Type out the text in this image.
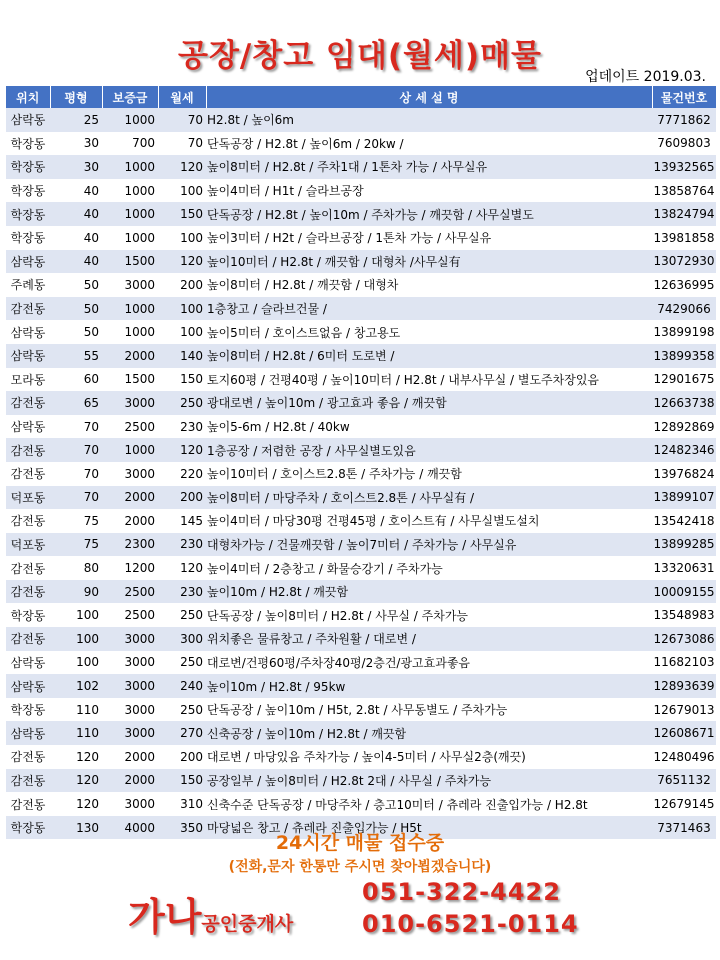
공장/창고 임대(월세)매물
업데이트 2019.03.
위치	평형	보증금	월세	상 세 설 명	물건번호
삼락동	25	1000	70	H2.8t / 높이6m	7771862
학장동	30	700	70	단독공장 / H2.8t / 높이6m / 20kw /	7609803
학장동	30	1000	120	높이8미터 / H2.8t / 주차1대 / 1톤차 가능 / 사무실유	13932565
학장동	40	1000	100	높이4미터 / H1t / 슬라브공장	13858764
학장동	40	1000	150	단독공장 / H2.8t / 높이10m / 주차가능 / 깨끗함 / 사무실별도	13824794
학장동	40	1000	100	높이3미터 / H2t / 슬라브공장 / 1톤차 가능 / 사무실유	13981858
삼락동	40	1500	120	높이10미터 / H2.8t / 깨끗함 / 대형차 /사무실有	13072930
주례동	50	3000	200	높이8미터 / H2.8t / 깨끗함 / 대형차	12636995
감전동	50	1000	100	1층창고 / 슬라브건물 /	7429066
삼락동	50	1000	100	높이5미터 / 호이스트없음 / 창고용도	13899198
삼락동	55	2000	140	높이8미터 / H2.8t / 6미터 도로변 /	13899358
모라동	60	1500	150	토지60평 / 건평40평 / 높이10미터 / H2.8t / 내부사무실 / 별도주차장있음	12901675
감전동	65	3000	250	광대로변 / 높이10m / 광고효과 좋음 / 깨끗함	12663738
삼락동	70	2500	230	높이5-6m / H2.8t / 40kw	12892869
감전동	70	1000	120	1층공장 / 저렴한 공장 / 사무실별도있음	12482346
감전동	70	3000	220	높이10미터 / 호이스트2.8톤 / 주차가능 / 깨끗함	13976824
덕포동	70	2000	200	높이8미터 / 마당주차 / 호이스트2.8톤 / 사무실有 /	13899107
감전동	75	2000	145	높이4미터 / 마당30평 건평45평 / 호이스트有 / 사무실별도설치	13542418
덕포동	75	2300	230	대형차가능 / 건물깨끗함 / 높이7미터 / 주차가능 / 사무실유	13899285
감전동	80	1200	120	높이4미터 / 2층창고 / 화물승강기 / 주차가능	13320631
감전동	90	2500	230	높이10m / H2.8t / 깨끗함	10009155
학장동	100	2500	250	단독공장 / 높이8미터 / H2.8t / 사무실 / 주차가능	13548983
감전동	100	3000	300	위치좋은 물류창고 / 주차원활 / 대로변 /	12673086
삼락동	100	3000	250	대로변/건평60평/주차장40평/2층건/광고효과좋음	11682103
삼락동	102	3000	240	높이10m / H2.8t / 95kw	12893639
학장동	110	3000	250	단독공장 / 높이10m / H5t, 2.8t / 사무동별도 / 주차가능	12679013
삼락동	110	3000	270	신축공장 / 높이10m / H2.8t / 깨끗함	12608671
감전동	120	2000	200	대로변 / 마당있음 주차가능 / 높이4-5미터 / 사무실2층(깨끗)	12480496
감전동	120	2000	150	공장일부 / 높이8미터 / H2.8t 2대 / 사무실 / 주차가능	7651132
감전동	120	3000	310	신축수준 단독공장 / 마당주차 / 층고10미터 / 츄레라 진출입가능 / H2.8t	12679145
학장동	130	4000	350	마당넓은 창고 / 츄레라 진출입가능 / H5t	7371463
24시간 매물 접수중
(전화,문자 한통만 주시면 찾아뵙겠습니다)
가나공인중개사
051-322-4422
010-6521-0114
